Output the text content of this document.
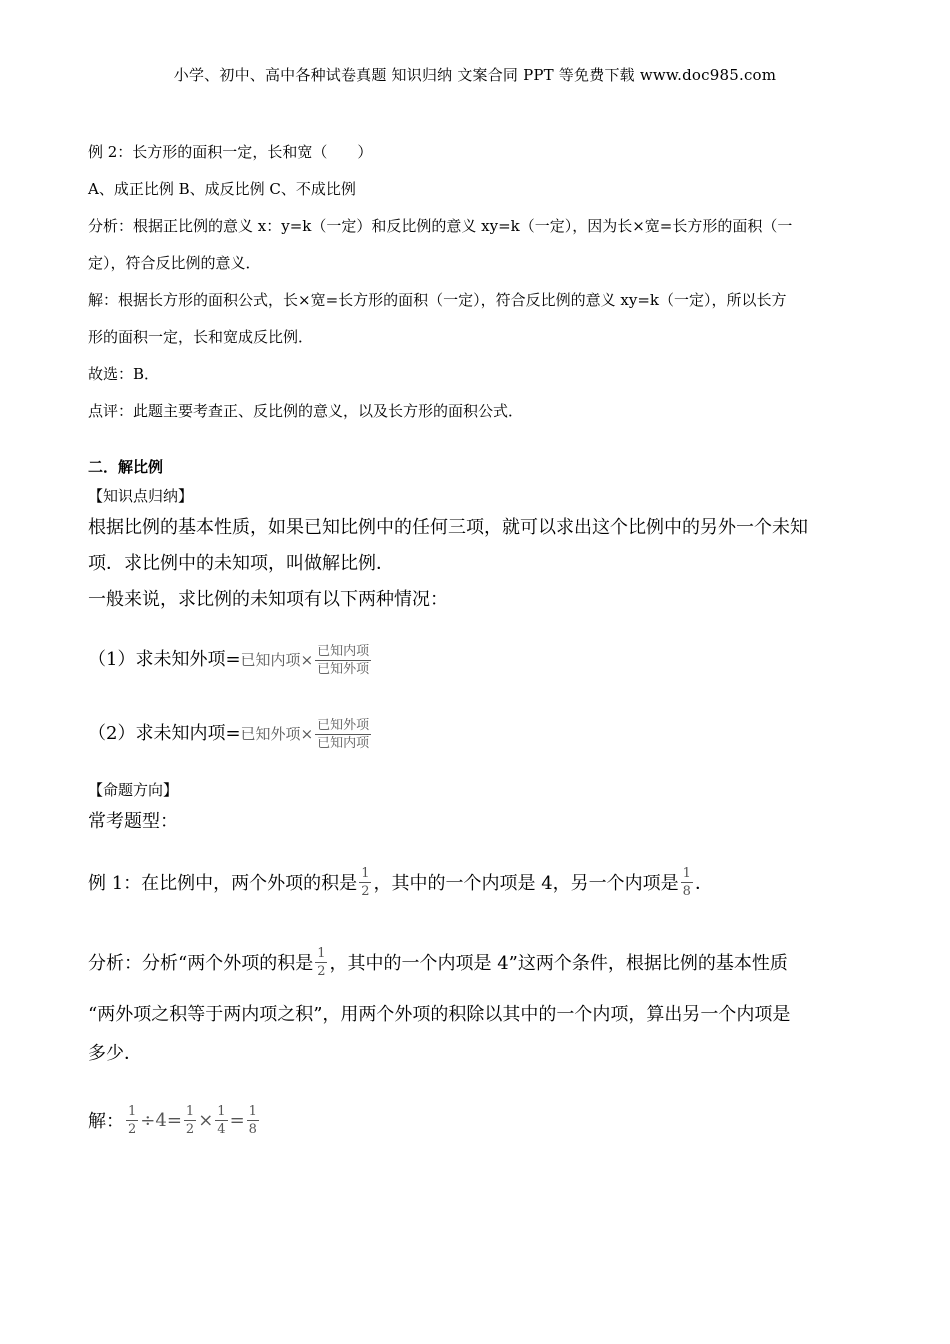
小学、初中、高中各种试卷真题 知识归纳 文案合同 PPT 等免费下载 www.doc985.com

例 2：长方形的面积一定，长和宽（　　）

A、成正比例 B、成反比例 C、不成比例

分析：根据正比例的意义 x：y=k（一定）和反比例的意义 xy=k（一定），因为长×宽=长方形的面积（一

定），符合反比例的意义．

解：根据长方形的面积公式，长×宽=长方形的面积（一定），符合反比例的意义 xy=k（一定），所以长方

形的面积一定，长和宽成反比例．

故选：B．

点评：此题主要考查正、反比例的意义，以及长方形的面积公式．

二．解比例

【知识点归纳】

根据比例的基本性质，如果已知比例中的任何三项，就可以求出这个比例中的另外一个未知

项．求比例中的未知项，叫做解比例．

一般来说，求比例的未知项有以下两种情况：

（1）求未知外项= 已知内项 × $\frac{\text{已知内项}}{\text{已知外项}}$
（2）求未知内项= 已知外项 × $\frac{\text{已知外项}}{\text{已知内项}}$

【命题方向】

常考题型：

例 1：在比例中，两个外项的积是 $\frac{1}{2}$ ，其中的一个内项是 4，另一个内项是 $\frac{1}{8}$ ．
分析：分析“两个外项的积是 $\frac{1}{2}$ ，其中的一个内项是 4”这两个条件，根据比例的基本性质

“两外项之积等于两内项之积”，用两个外项的积除以其中的一个内项，算出另一个内项是

多少．

解： $\frac{1}{2} \div 4= \frac{1}{2} \times \frac{1}{4} = \frac{1}{8}$
